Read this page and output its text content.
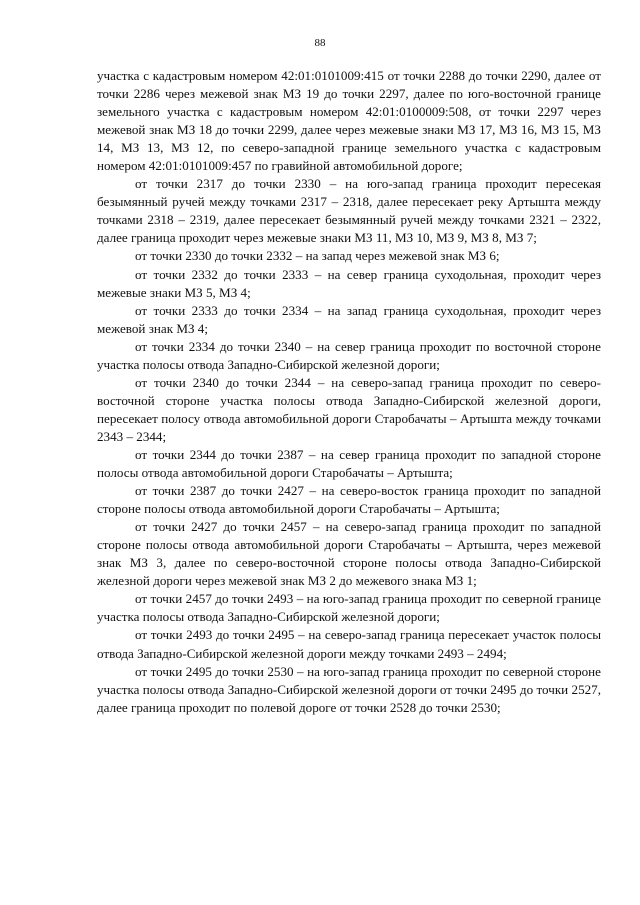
88

участка с кадастровым номером 42:01:0101009:415 от точки 2288 до точки 2290, далее от точки 2286 через межевой знак МЗ 19 до точки 2297, далее по юго-восточной границе земельного участка с кадастровым номером 42:01:0100009:508, от точки 2297 через межевой знак МЗ 18 до точки 2299, далее через межевые знаки МЗ 17, МЗ 16, МЗ 15, МЗ 14, МЗ 13, МЗ 12, по северо-западной границе земельного участка с кадастровым номером 42:01:0101009:457 по гравийной автомобильной дороге;

от точки 2317 до точки 2330 – на юго-запад граница проходит пересекая безымянный ручей между точками 2317 – 2318, далее пересекает реку Артышта между точками 2318 – 2319, далее пересекает безымянный ручей между точками 2321 – 2322, далее граница проходит через межевые знаки МЗ 11, МЗ 10, МЗ 9, МЗ 8, МЗ 7;

от точки 2330 до точки 2332 – на запад через межевой знак МЗ 6;

от точки 2332 до точки 2333 – на север граница суходольная, проходит через межевые знаки МЗ 5, МЗ 4;

от точки 2333 до точки 2334 – на запад граница суходольная, проходит через межевой знак МЗ 4;

от точки 2334 до точки 2340 – на север граница проходит по восточной стороне участка полосы отвода Западно-Сибирской железной дороги;

от точки 2340 до точки 2344 – на северо-запад граница проходит по северо-восточной стороне участка полосы отвода Западно-Сибирской железной дороги, пересекает полосу отвода автомобильной дороги Старобачаты – Артышта между точками 2343 – 2344;

от точки 2344 до точки 2387 – на север граница проходит по западной стороне полосы отвода автомобильной дороги Старобачаты – Артышта;

от точки 2387 до точки 2427 – на северо-восток граница проходит по западной стороне полосы отвода автомобильной дороги Старобачаты – Артышта;

от точки 2427 до точки 2457 – на северо-запад граница проходит по западной стороне полосы отвода автомобильной дороги Старобачаты – Артышта, через межевой знак МЗ 3, далее по северо-восточной стороне полосы отвода Западно-Сибирской железной дороги через межевой знак МЗ 2 до межевого знака МЗ 1;

от точки 2457 до точки 2493 – на юго-запад граница проходит по северной границе участка полосы отвода Западно-Сибирской железной дороги;

от точки 2493 до точки 2495 – на северо-запад граница пересекает участок полосы отвода Западно-Сибирской железной дороги между точками 2493 – 2494;

от точки 2495 до точки 2530 – на юго-запад граница проходит по северной стороне участка полосы отвода Западно-Сибирской железной дороги от точки 2495 до точки 2527, далее граница проходит по полевой дороге от точки 2528 до точки 2530;
